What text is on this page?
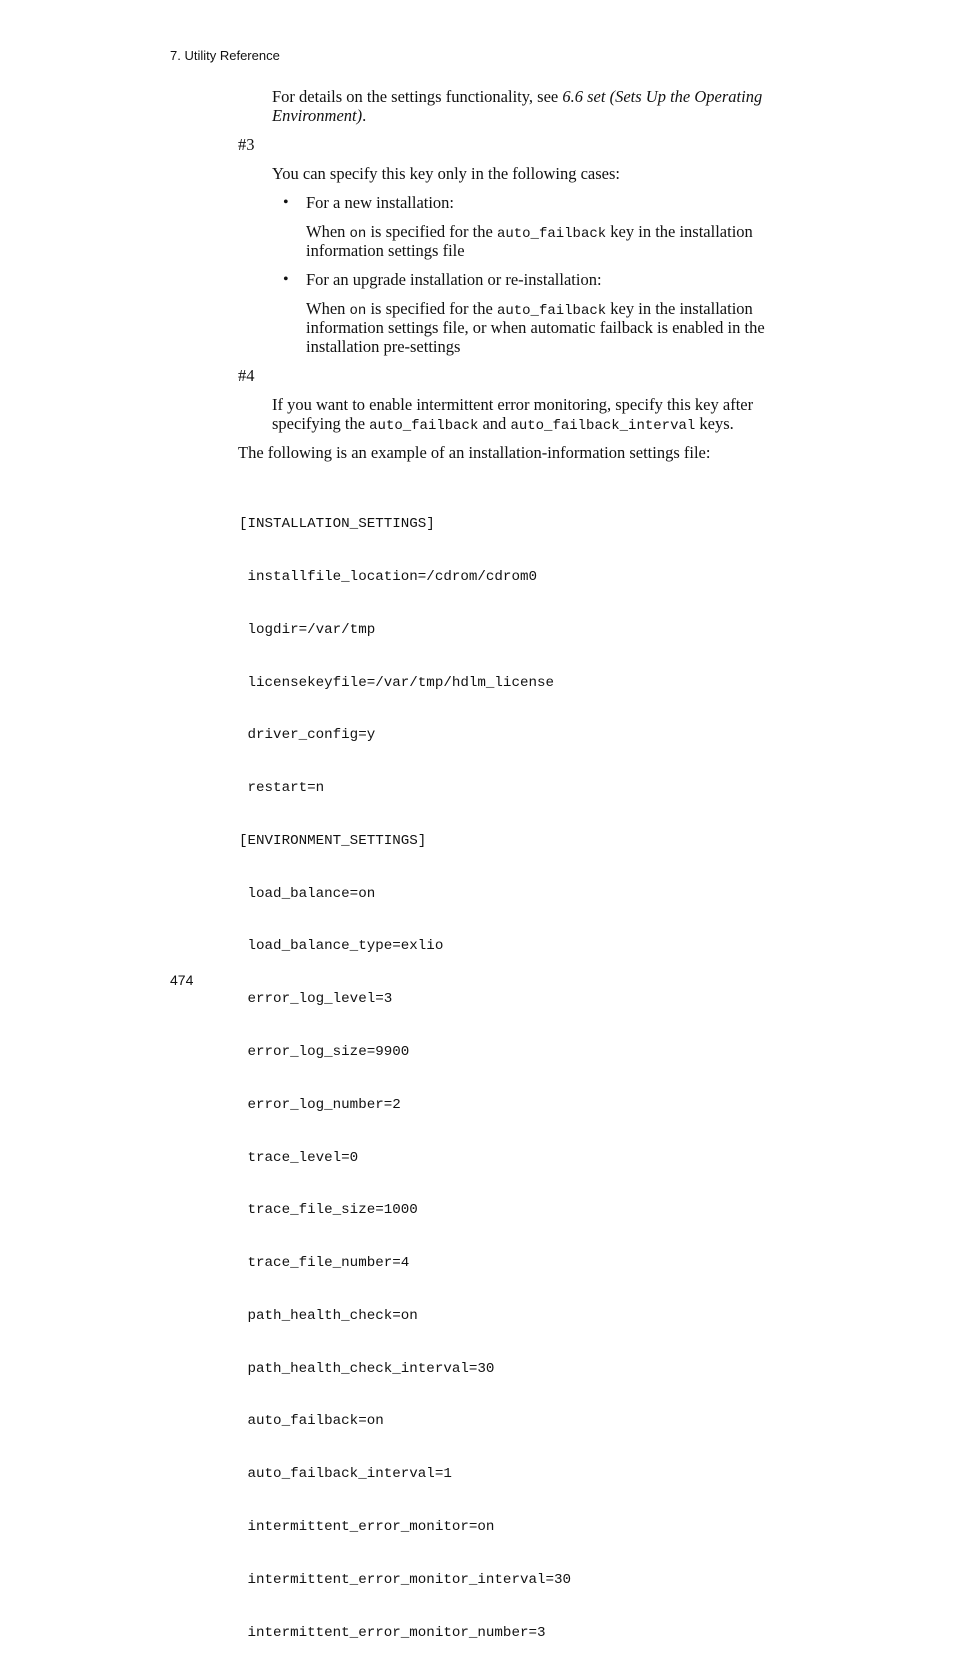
7. Utility Reference

For details on the settings functionality, see 6.6 set (Sets Up the Operating

Environment).

#3

You can specify this key only in the following cases:

• For a new installation:

When on is specified for the auto_failback key in the installation

information settings file

• For an upgrade installation or re-installation:

When on is specified for the auto_failback key in the installation

information settings file, or when automatic failback is enabled in the

installation pre-settings

#4

If you want to enable intermittent error monitoring, specify this key after

specifying the auto_failback and auto_failback_interval keys.

The following is an example of an installation-information settings file:

[INSTALLATION_SETTINGS]

installfile_location=/cdrom/cdrom0

logdir=/var/tmp

licensekeyfile=/var/tmp/hdlm_license

driver_config=y

restart=n

[ENVIRONMENT_SETTINGS]

load_balance=on

load_balance_type=exlio

error_log_level=3

error_log_size=9900

error_log_number=2

trace_level=0

trace_file_size=1000

trace_file_number=4

path_health_check=on

path_health_check_interval=30

auto_failback=on

auto_failback_interval=1

intermittent_error_monitor=on

intermittent_error_monitor_interval=30

intermittent_error_monitor_number=3

474
